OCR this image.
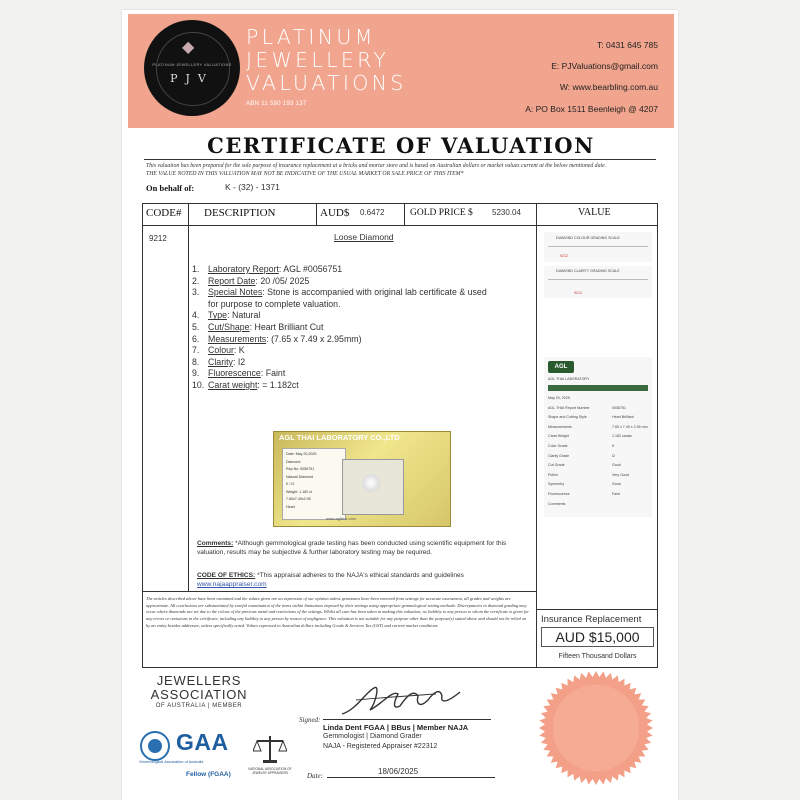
◆
PLATINUM JEWELLERY VALUATIONS
PJV
PLATINUM
JEWELLERY
VALUATIONS
ABN 11 580 193 137
T: 0431 645 785
E: PJValuations@gmail.com
W: www.bearbling.com.au
A: PO Box 1511 Beenleigh @ 4207
CERTIFICATE OF VALUATION
This valuation has been prepared for the sole purpose of insurance replacement at a bricks and mortar store and is based on Australian dollars or market values current at the below mentioned date.
THE VALUE NOTED IN THIS VALUATION MAY NOT BE INDICATIVE OF THE USUAL MARKET OR SALE PRICE OF THIS ITEM*
On behalf of:	K - (32) - 1371
CODE# DESCRIPTION	AUD$ 0.6472	GOLD PRICE $ 5230.04	VALUE
9212	Loose Diamond
1. Laboratory Report: AGL #0056751
2. Report Date: 20 /05/ 2025
3. Special Notes: Stone is accompanied with original lab certificate & used
for purpose to complete valuation.
4. Type: Natural
5. Cut/Shape: Heart Brilliant Cut
6. Measurements: (7.65 x 7.49 x 2.95mm)
7. Colour: K
8. Clarity: I2
9. Fluorescence: Faint
10. Carat weight: = 1.182ct
AGL THAI LABORATORY CO.,LTD
Date: May 20,2025
Diamond
Rep No: 0056751
Natural Diamond
K / I2
Weight: 1.182 ct
7.65x7.49x2.95
Heart
www.aglthai.com
Comments: *Although gemmological grade testing has been conducted using scientific equipment for this valuation, results may be subjective & further laboratory testing may be required.
CODE OF ETHICS: *This appraisal adheres to the NAJA's ethical standards and guidelines
www.najaappraiser.com
The articles described above have been examined and the values given are an expression of our opinion unless gemstones have been removed from settings for accurate assessment, all grades and weights are approximate. All conclusions are substantiated by careful examination of the items within limitations imposed by their settings using appropriate gemmological testing methods. Discrepancies in diamond grading may occur where diamonds are set due to the colour of the precious metal and restrictions of the settings. Whilst all care has been taken in making this valuation, no liability to any person to whom the certificate is given for any errors or omissions in the certificate, including any liability to any person by reason of negligence. This valuation is not suitable for any purpose other than the purpose(s) stated above and should not be relied on by an entity besides addressee, unless specifically noted. Values expressed in Australian dollars including Goods & Services Tax (GST) and current market conditions.
Insurance Replacement
AUD $15,000
Fifteen Thousand Dollars
DIAMOND COLOUR GRADING SCALE
9212
DIAMOND CLARITY GRADING SCALE
9212
AGL
AGL THAI LABORATORY
May 20, 2025
AGL THAI Report Number	0056751
Shape and Cutting Style	Heart Brilliant
Measurements	7.65 x 7.49 x 2.95 mm
Carat Weight	1.182 carats
Color Grade	K
Clarity Grade	I2
Cut Grade	Good
Polish	Very Good
Symmetry	Good
Fluorescence	Faint
Comments
JEWELLERS
ASSOCIATION
OF AUSTRALIA | MEMBER
GAA
Gemmological Association of Australia
Fellow (FGAA)
NATIONAL ASSOCIATION OF JEWELRY APPRAISERS
Signed:
Linda Dent FGAA | BBus | Member NAJA
Gemmologist | Diamond Grader
NAJA - Registered Appraiser #22312
Date:	18/06/2025
